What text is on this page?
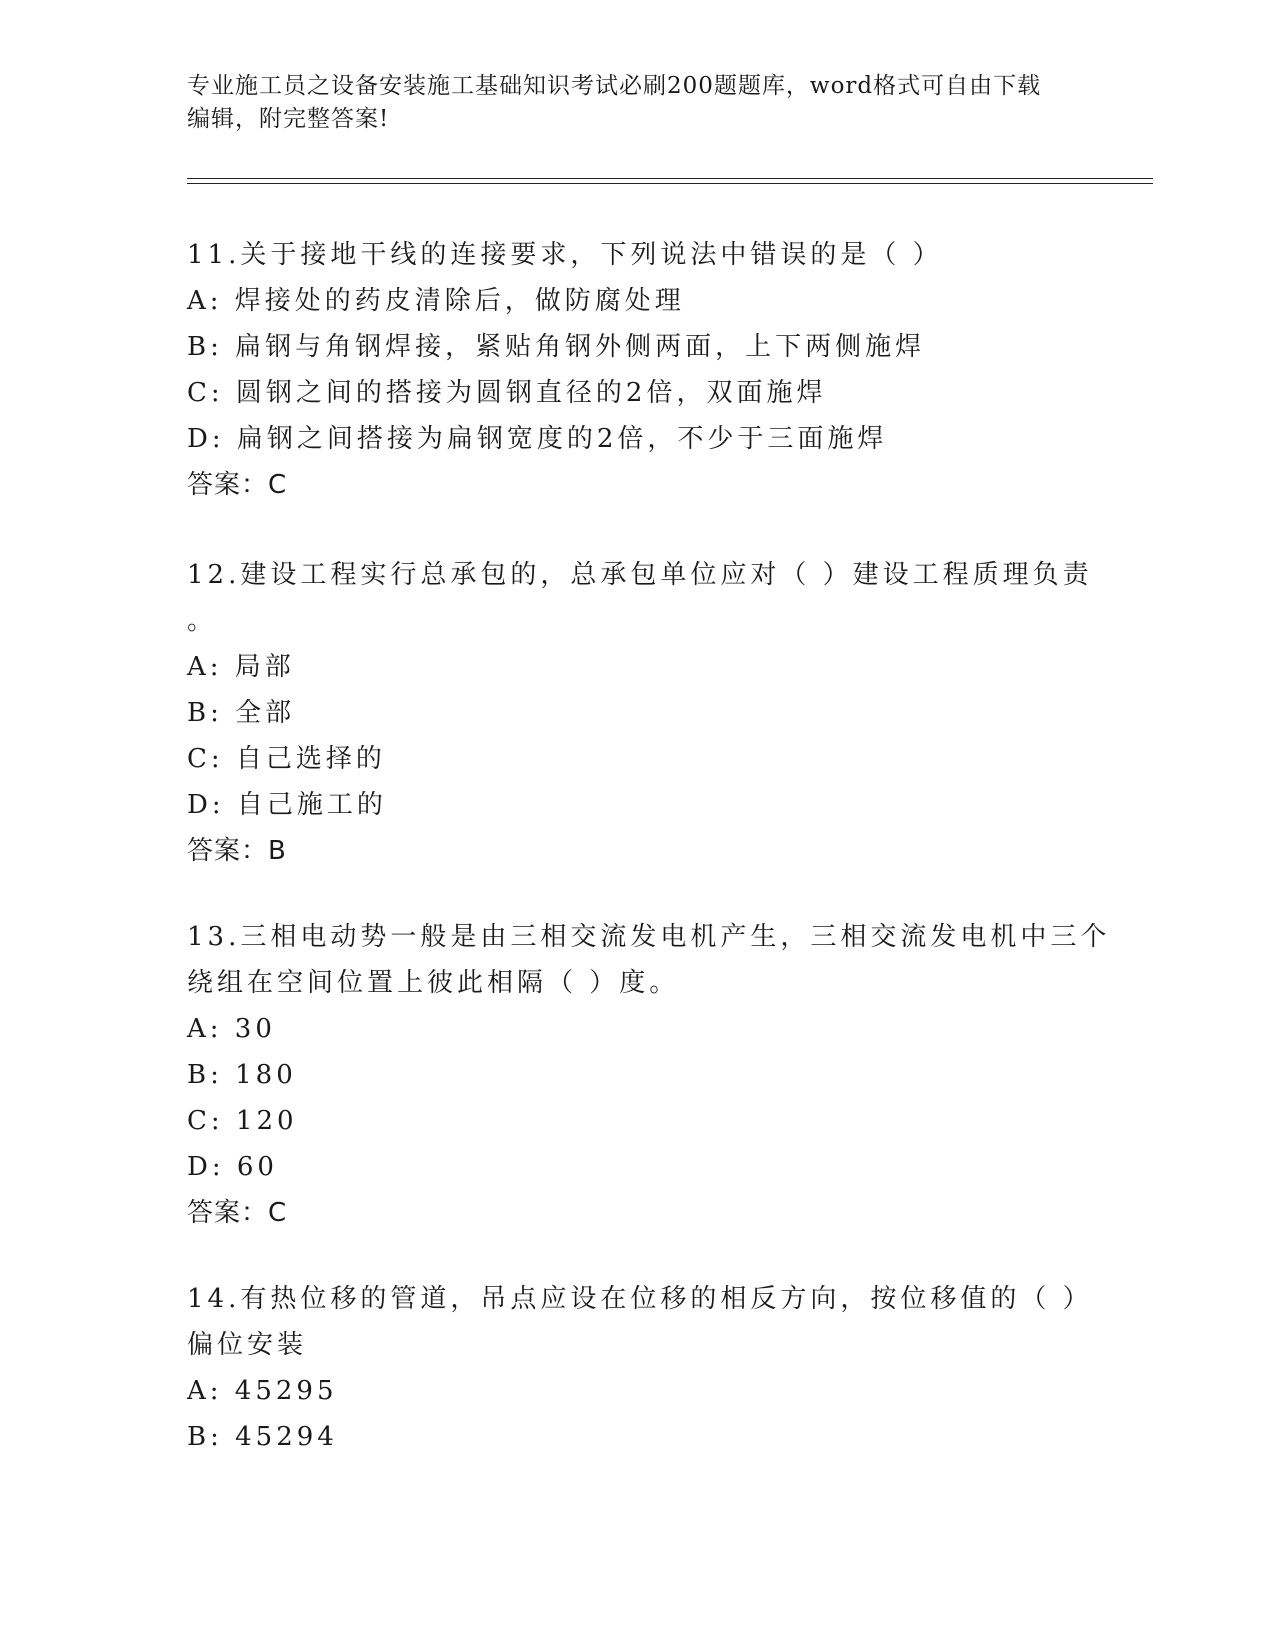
专业施工员之设备安装施工基础知识考试必刷200题题库，word格式可自由下载
编辑，附完整答案!
11.关于接地干线的连接要求，下列说法中错误的是（ ）
A: 焊接处的药皮清除后，做防腐处理
B: 扁钢与角钢焊接，紧贴角钢外侧两面，上下两侧施焊
C: 圆钢之间的搭接为圆钢直径的2倍，双面施焊
D: 扁钢之间搭接为扁钢宽度的2倍，不少于三面施焊
答案：C
12.建设工程实行总承包的，总承包单位应对（ ）建设工程质理负责
。
A: 局部
B: 全部
C: 自己选择的
D: 自己施工的
答案：B
13.三相电动势一般是由三相交流发电机产生，三相交流发电机中三个
绕组在空间位置上彼此相隔（ ）度。
A: 30
B: 180
C: 120
D: 60
答案：C
14.有热位移的管道，吊点应设在位移的相反方向，按位移值的（ ）
偏位安装
A: 45295
B: 45294
